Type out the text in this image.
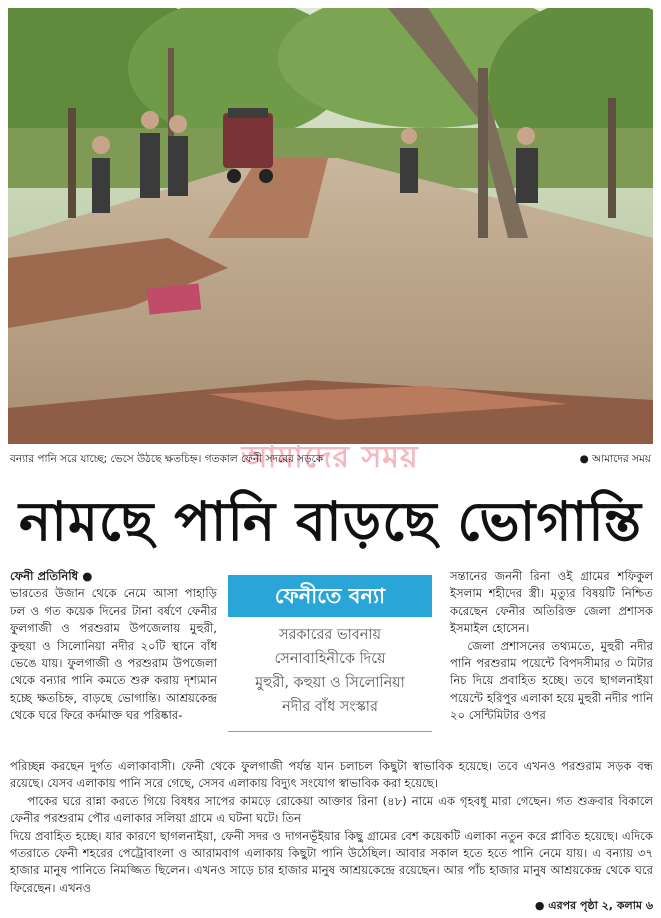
আমাদের সময়
বন্যার পানি সরে যাচ্ছে; ভেসে উঠছে ক্ষতচিহ্ন। গতকাল ফেনী সদরের সড়কে	● আমাদের সময়
নামছে পানি বাড়ছে ভোগান্তি

ফেনী প্রতিনিধি ●

ভারতের উজান থেকে নেমে আসা পাহাড়ি ঢল ও গত কয়েক দিনের টানা বর্ষণে ফেনীর ফুলগাজী ও পরশুরাম উপজেলায় মুহুরী, কুহুয়া ও সিলোনিয়া নদীর ২০টি স্থানে বাঁধ ভেঙে যায়। ফুলগাজী ও পরশুরাম উপজেলা থেকে বন্যার পানি কমতে শুরু করায় দৃশ্যমান হচ্ছে ক্ষতচিহ্ন, বাড়ছে ভোগান্তি। আশ্রয়কেন্দ্র থেকে ঘরে ফিরে কর্দমাক্ত ঘর পরিষ্কার-

ফেনীতে বন্যা
সরকারের ভাবনায়
সেনাবাহিনীকে দিয়ে
মুহুরী, কহুয়া ও সিলোনিয়া
নদীর বাঁধ সংস্কার

সন্তানের জননী রিনা ওই গ্রামের শফিকুল ইসলাম শহীদের স্ত্রী। মৃত্যুর বিষয়টি নিশ্চিত করেছেন ফেনীর অতিরিক্ত জেলা প্রশাসক ইসমাইল হোসেন।

জেলা প্রশাসনের তথ্যমতে, মুহুরী নদীর পানি পরশুরাম পয়েন্টে বিপদসীমার ৩ মিটার নিচ দিয়ে প্রবাহিত হচ্ছে। তবে ছাগলনাইয়া পয়েন্টে হরিপুর এলাকা হয়ে মুহুরী নদীর পানি ২০ সেন্টিমিটার ওপর

পরিচ্ছন্ন করছেন দুর্গত এলাকাবাসী। ফেনী থেকে ফুলগাজী পর্যন্ত যান চলাচল কিছুটা স্বাভাবিক হয়েছে। তবে এখনও পরশুরাম সড়ক বন্ধ রয়েছে। যেসব এলাকায় পানি সরে গেছে, সেসব এলাকায় বিদ্যুৎ সংযোগ স্বাভাবিক করা হয়েছে।

পাকের ঘরে রান্না করতে গিয়ে বিষধর সাপের কামড়ে রোকেয়া আক্তার রিনা (৪৮) নামে এক গৃহবধূ মারা গেছেন। গত শুক্রবার বিকালে ফেনীর পরশুরাম পৌর এলাকার সলিয়া গ্রামে এ ঘটনা ঘটে। তিন

দিয়ে প্রবাহিত হচ্ছে। যার কারণে ছাগলনাইয়া, ফেনী সদর ও দাগনভূঁইয়ার কিছু গ্রামের বেশ কয়েকটি এলাকা নতুন করে প্লাবিত হয়েছে। এদিকে গতরাতে ফেনী শহরের পেট্রোবাংলা ও আরামবাগ এলাকায় কিছুটা পানি উঠেছিল। আবার সকাল হতে হতে পানি নেমে যায়। এ বন্যায় ৩৭ হাজার মানুষ পানিতে নিমজ্জিত ছিলেন। এখনও সাড়ে চার হাজার মানুষ আশ্রয়কেন্দ্রে রয়েছেন। আর পাঁচ হাজার মানুষ আশ্রয়কেন্দ্র থেকে ঘরে ফিরেছেন। এখনও

● এরপর পৃষ্ঠা ২, কলাম ৬
